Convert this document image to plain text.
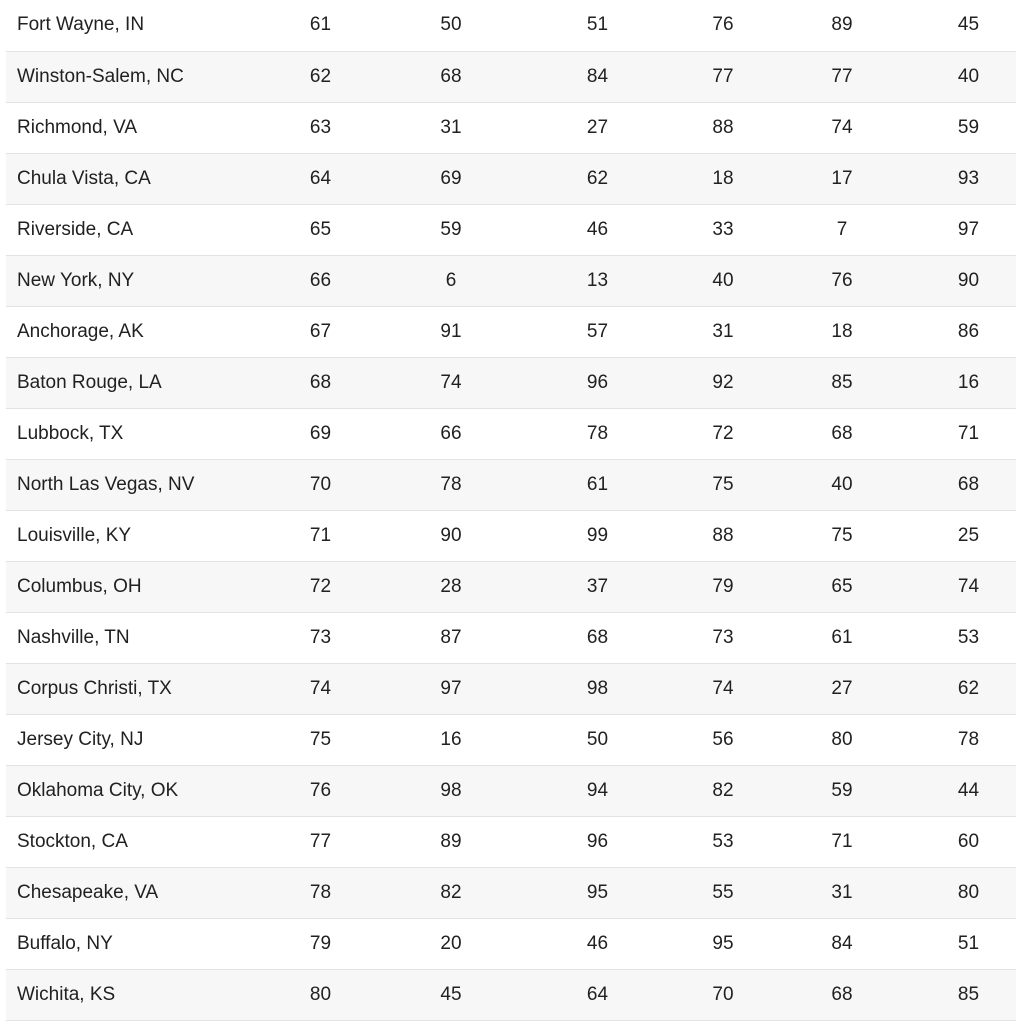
Fort Wayne, IN	61	50	51	76	89	45
Winston-Salem, NC	62	68	84	77	77	40
Richmond, VA	63	31	27	88	74	59
Chula Vista, CA	64	69	62	18	17	93
Riverside, CA	65	59	46	33	7	97
New York, NY	66	6	13	40	76	90
Anchorage, AK	67	91	57	31	18	86
Baton Rouge, LA	68	74	96	92	85	16
Lubbock, TX	69	66	78	72	68	71
North Las Vegas, NV	70	78	61	75	40	68
Louisville, KY	71	90	99	88	75	25
Columbus, OH	72	28	37	79	65	74
Nashville, TN	73	87	68	73	61	53
Corpus Christi, TX	74	97	98	74	27	62
Jersey City, NJ	75	16	50	56	80	78
Oklahoma City, OK	76	98	94	82	59	44
Stockton, CA	77	89	96	53	71	60
Chesapeake, VA	78	82	95	55	31	80
Buffalo, NY	79	20	46	95	84	51
Wichita, KS	80	45	64	70	68	85
